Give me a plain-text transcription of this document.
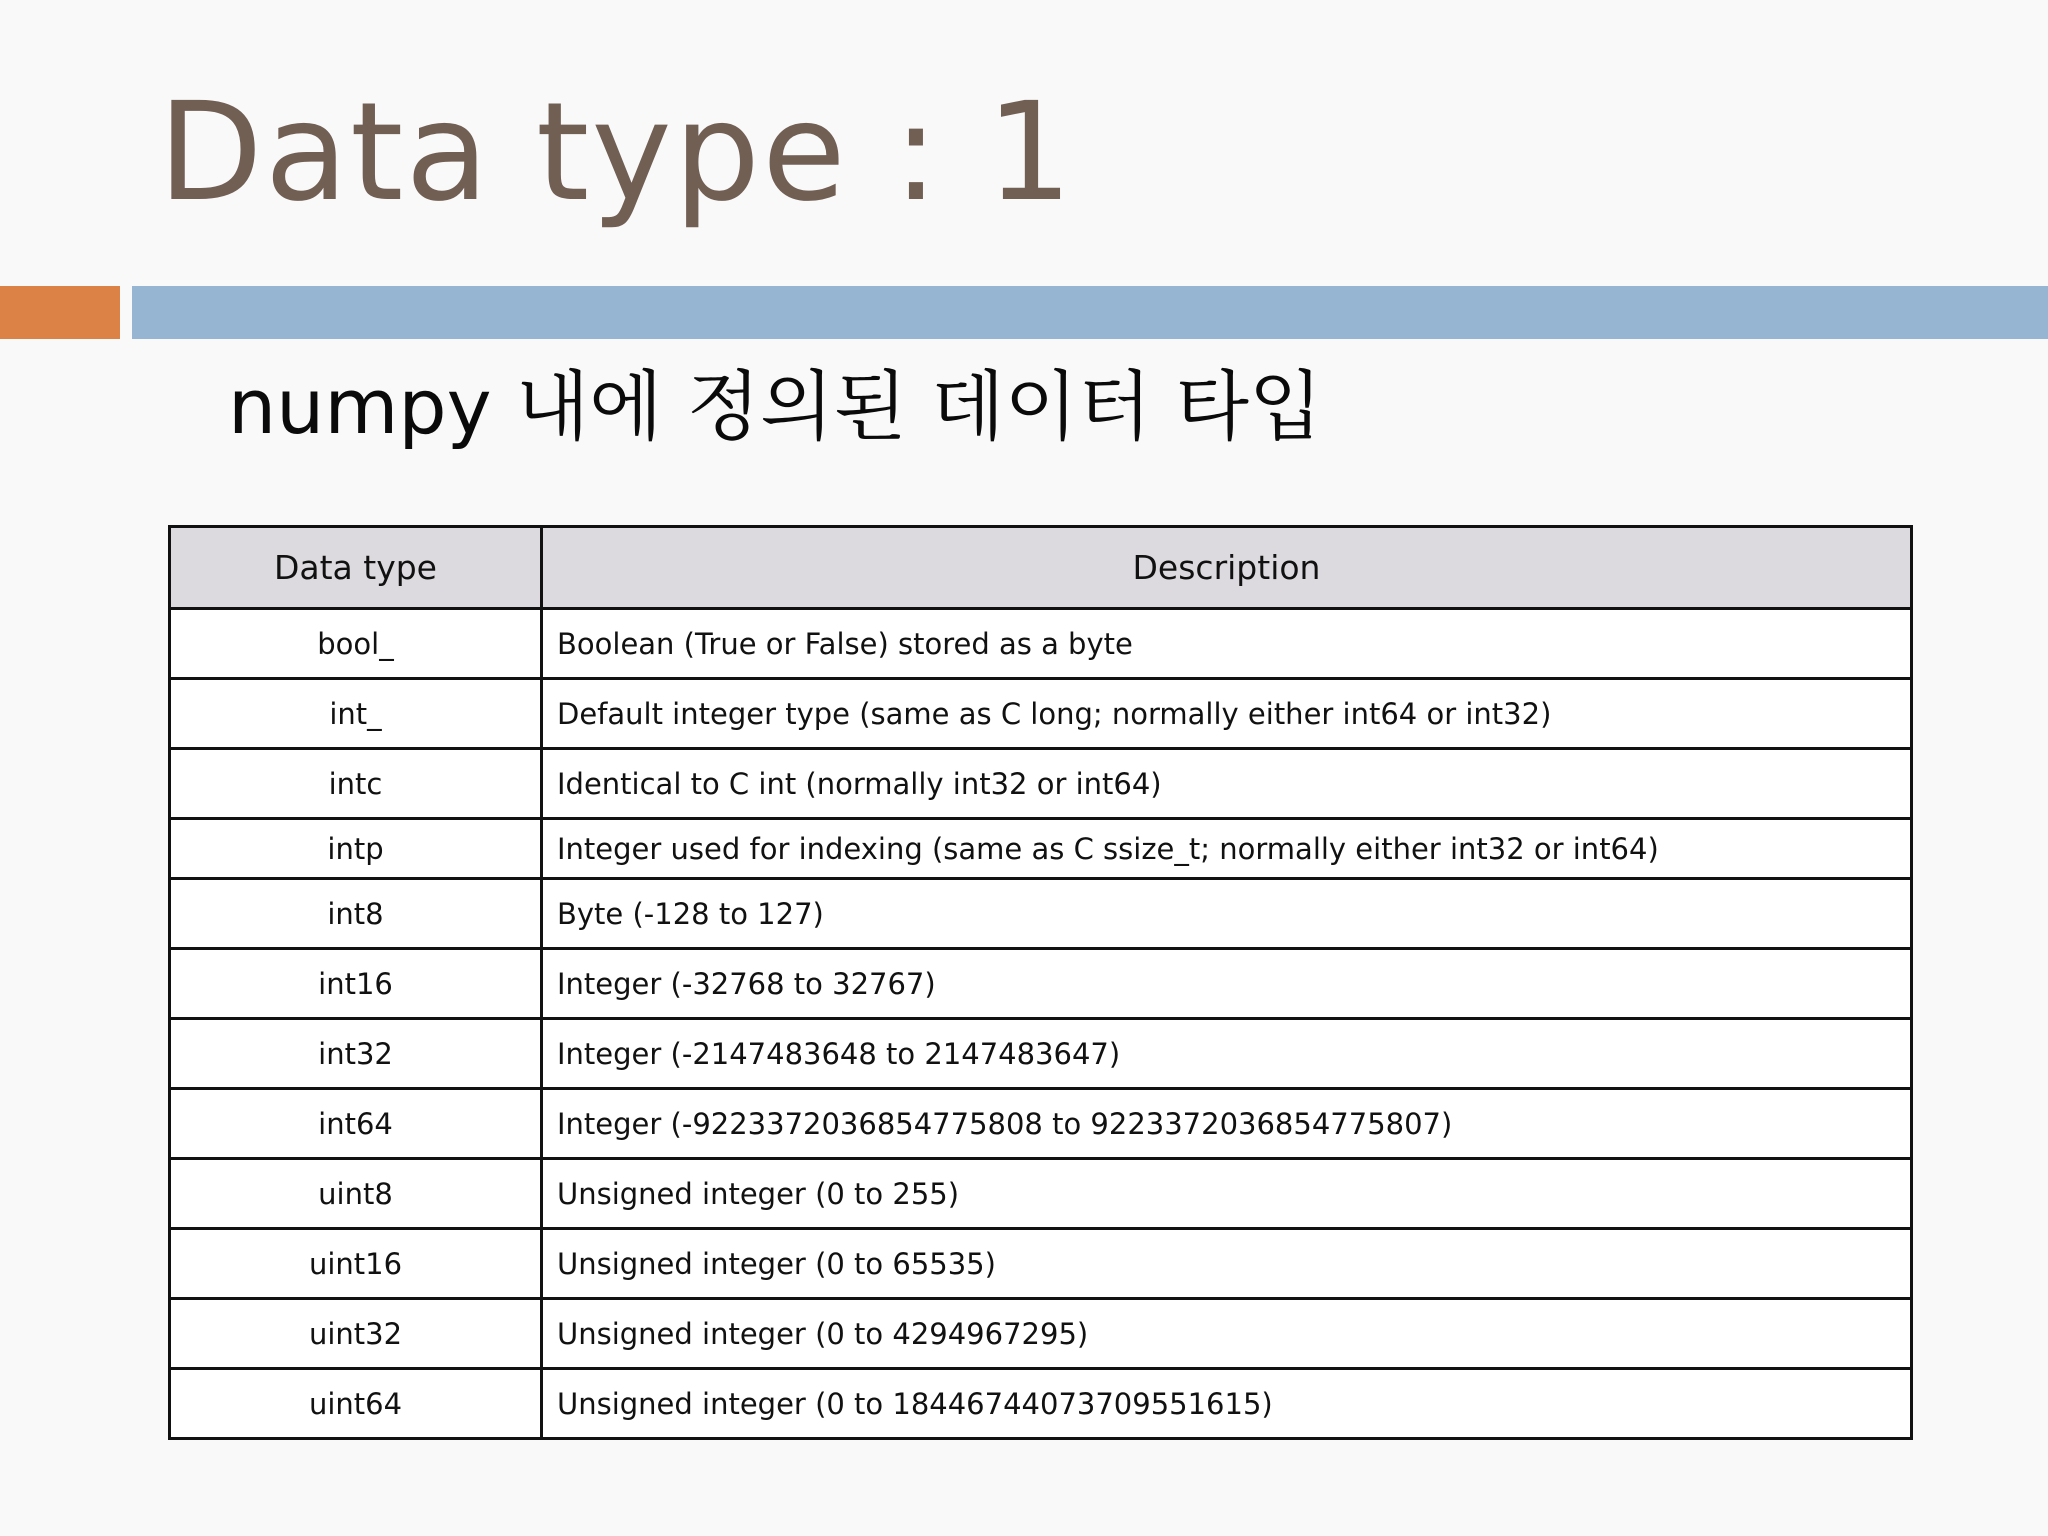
Data type : 1
numpy 내에 정의된 데이터 타입
Data type	Description
bool_	Boolean (True or False) stored as a byte
int_	Default integer type (same as C long; normally either int64 or int32)
intc	Identical to C int (normally int32 or int64)
intp	Integer used for indexing (same as C ssize_t; normally either int32 or int64)
int8	Byte (-128 to 127)
int16	Integer (-32768 to 32767)
int32	Integer (-2147483648 to 2147483647)
int64	Integer (-9223372036854775808 to 9223372036854775807)
uint8	Unsigned integer (0 to 255)
uint16	Unsigned integer (0 to 65535)
uint32	Unsigned integer (0 to 4294967295)
uint64	Unsigned integer (0 to 18446744073709551615)
